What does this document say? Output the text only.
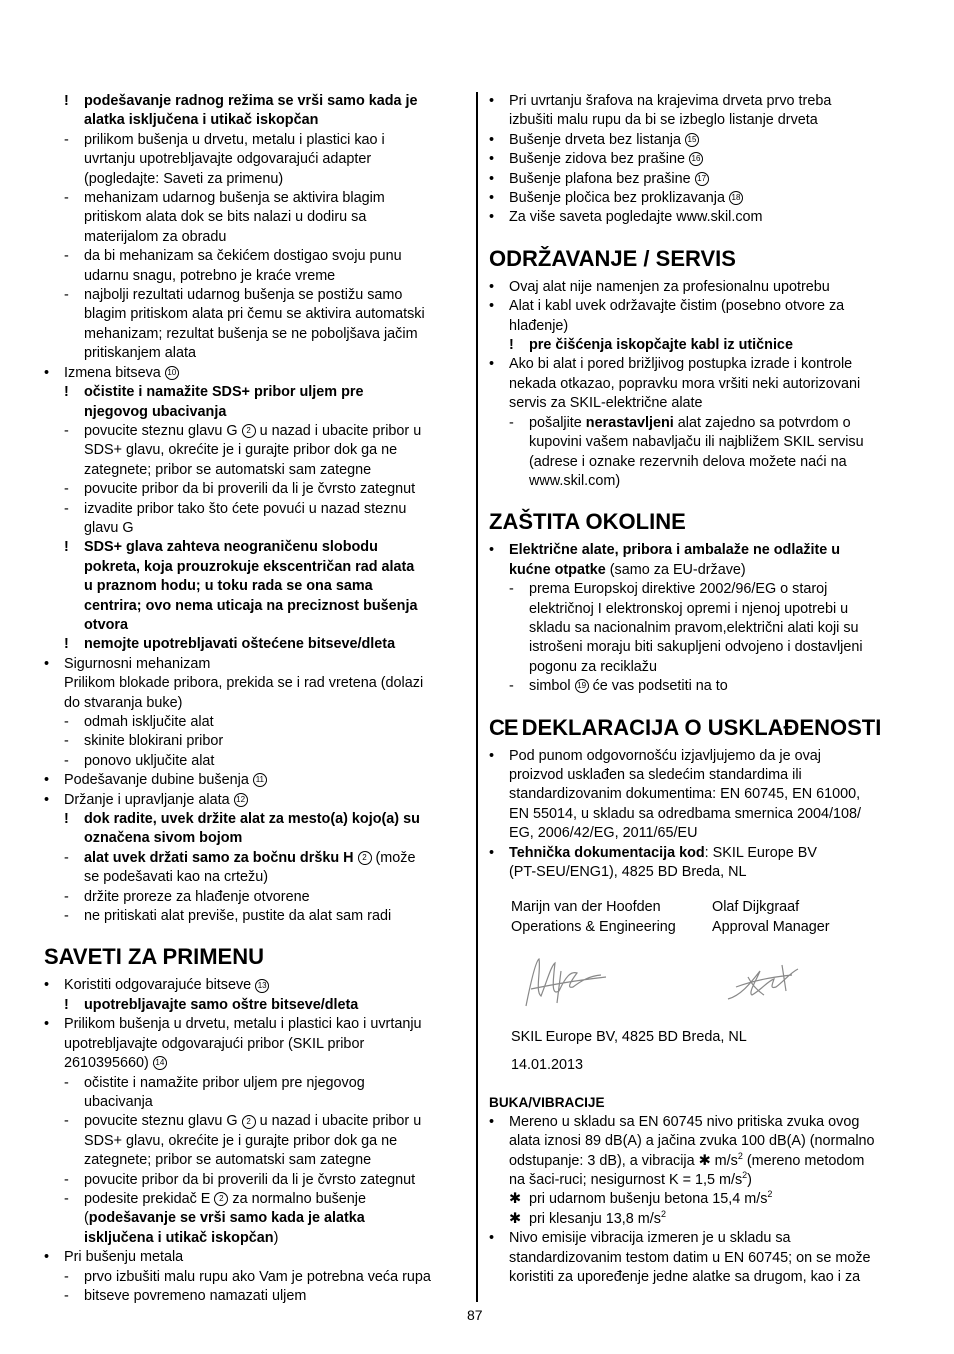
! podešavanje radnog režima se vrši samo kada je
alatka isključena i utikač iskopčan
- prilikom bušenja u drvetu, metalu i plastici kao i
uvrtanju upotrebljavajte odgovarajući adapter
(pogledajte: Saveti za primenu)
- mehanizam udarnog bušenja se aktivira blagim
pritiskom alata dok se bits nalazi u dodiru sa
materijalom za obradu
- da bi mehanizam sa čekićem dostigao svoju punu
udarnu snagu, potrebno je kraće vreme
- najbolji rezultati udarnog bušenja se postižu samo
blagim pritiskom alata pri čemu se aktivira automatski
mehanizam; rezultat bušenja se ne poboljšava jačim
pritiskanjem alata
• Izmena bitseva 10
! očistite i namažite SDS+ pribor uljem pre
njegovog ubacivanja
- povucite steznu glavu G 2 u nazad i ubacite pribor u
SDS+ glavu, okrećite je i gurajte pribor dok ga ne
zategnete; pribor se automatski sam zategne
- povucite pribor da bi proverili da li je čvrsto zategnut
- izvadite pribor tako što ćete povući u nazad steznu
glavu G
! SDS+ glava zahteva neograničenu slobodu
pokreta, koja prouzrokuje ekscentričan rad alata
u praznom hodu; u toku rada se ona sama
centrira; ovo nema uticaja na preciznost bušenja
otvora
! nemojte upotrebljavati oštećene bitseve/dleta
• Sigurnosni mehanizam
Prilikom blokade pribora, prekida se i rad vretena (dolazi
do stvaranja buke)
- odmah isključite alat
- skinite blokirani pribor
- ponovo uključite alat
• Podešavanje dubine bušenja 11
• Držanje i upravljanje alata 12
! dok radite, uvek držite alat za mesto(a) kojo(a) su
označena sivom bojom
- alat uvek držati samo za bočnu dršku H 2 (može
se podešavati kao na crtežu)
- držite proreze za hlađenje otvorene
- ne pritiskati alat previše, pustite da alat sam radi
SAVETI ZA PRIMENU
• Koristiti odgovarajuće bitseve 13
! upotrebljavajte samo oštre bitseve/dleta
• Prilikom bušenja u drvetu, metalu i plastici kao i uvrtanju
upotrebljavajte odgovarajući pribor (SKIL pribor
2610395660) 14
- očistite i namažite pribor uljem pre njegovog
ubacivanja
- povucite steznu glavu G 2 u nazad i ubacite pribor u
SDS+ glavu, okrećite je i gurajte pribor dok ga ne
zategnete; pribor se automatski sam zategne
- povucite pribor da bi proverili da li je čvrsto zategnut
- podesite prekidač E 2 za normalno bušenje
(podešavanje se vrši samo kada je alatka
isključena i utikač iskopčan)
• Pri bušenju metala
- prvo izbušiti malu rupu ako Vam je potrebna veća rupa
- bitseve povremeno namazati uljem
• Pri uvrtanju šrafova na krajevima drveta prvo treba
izbušiti malu rupu da bi se izbeglo listanje drveta
• Bušenje drveta bez listanja 15
• Bušenje zidova bez prašine 16
• Bušenje plafona bez prašine 17
• Bušenje pločica bez proklizavanja 18
• Za više saveta pogledajte www.skil.com
ODRŽAVANJE / SERVIS
• Ovaj alat nije namenjen za profesionalnu upotrebu
• Alat i kabl uvek održavajte čistim (posebno otvore za
hlađenje)
! pre čišćenja iskopčajte kabl iz utičnice
• Ako bi alat i pored brižljivog postupka izrade i kontrole
nekada otkazao, popravku mora vršiti neki autorizovani
servis za SKIL-električne alate
- pošaljite nerastavljeni alat zajedno sa potvrdom o
kupovini vašem nabavljaču ili najbližem SKIL servisu
(adrese i oznake rezervnih delova možete naći na
www.skil.com)
ZAŠTITA OKOLINE
• Električne alate, pribora i ambalaže ne odlažite u
kućne otpatke (samo za EU-države)
- prema Europskoj direktive 2002/96/EG o staroj
električnoj I elektronskoj opremi i njenoj upotrebi u
skladu sa nacionalnim pravom,električni alati koji su
istrošeni moraju biti sakupljeni odvojeno i dostavljeni
pogonu za reciklažu
- simbol 19 će vas podsetiti na to
CE DEKLARACIJA O USKLAĐENOSTI
• Pod punom odgovornošću izjavljujemo da je ovaj
proizvod usklađen sa sledećim standardima ili
standardizovanim dokumentima: EN 60745, EN 61000,
EN 55014, u skladu sa odredbama smernica 2004/108/
EG, 2006/42/EG, 2011/65/EU
• Tehnička dokumentacija kod: SKIL Europe BV
(PT-SEU/ENG1), 4825 BD Breda, NL
Marijn van der Hoofden
Operations & Engineering
Olaf Dijkgraaf
Approval Manager
SKIL Europe BV, 4825 BD Breda, NL
14.01.2013
BUKA/VIBRACIJE
• Mereno u skladu sa EN 60745 nivo pritiska zvuka ovog
alata iznosi 89 dB(A) a jačina zvuka 100 dB(A) (normalno
odstupanje: 3 dB), a vibracija ✱ $m/s^2$ (mereno metodom
na šaci-ruci; nesigurnost K = 1,5 $m/s^2$)
✱ pri udarnom bušenju betona 15,4 $m/s^2$
✱ pri klesanju 13,8 $m/s^2$
• Nivo emisije vibracija izmeren je u skladu sa
standardizovanim testom datim u EN 60745; on se može
koristiti za upoređenje jedne alatke sa drugom, kao i za
87
